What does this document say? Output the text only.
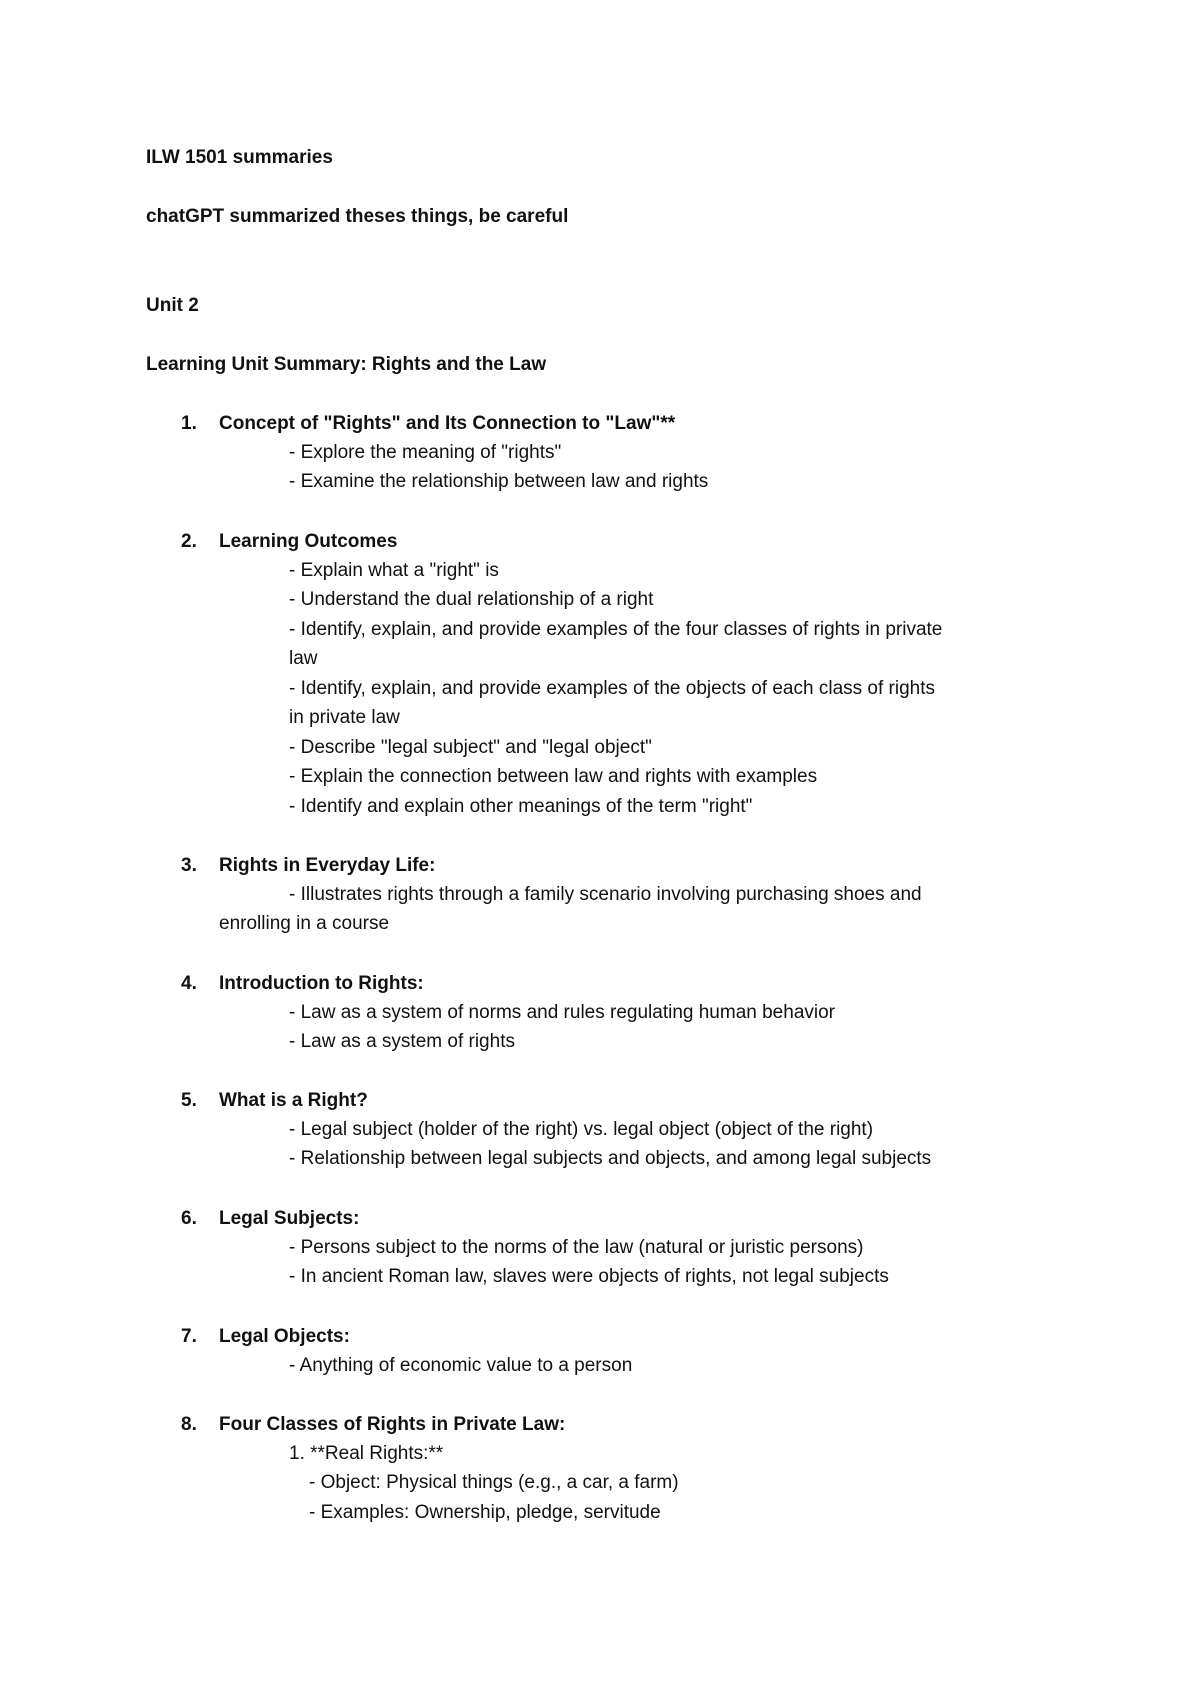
ILW 1501 summaries
chatGPT summarized theses things, be careful
Unit 2
Learning Unit Summary: Rights and the Law
1. Concept of "Rights" and Its Connection to "Law"**
- Explore the meaning of "rights"
- Examine the relationship between law and rights
2. Learning Outcomes
- Explain what a "right" is
- Understand the dual relationship of a right
- Identify, explain, and provide examples of the four classes of rights in private
law
- Identify, explain, and provide examples of the objects of each class of rights
in private law
- Describe "legal subject" and "legal object"
- Explain the connection between law and rights with examples
- Identify and explain other meanings of the term "right"
3. Rights in Everyday Life:
- Illustrates rights through a family scenario involving purchasing shoes and
enrolling in a course
4. Introduction to Rights:
- Law as a system of norms and rules regulating human behavior
- Law as a system of rights
5. What is a Right?
- Legal subject (holder of the right) vs. legal object (object of the right)
- Relationship between legal subjects and objects, and among legal subjects
6. Legal Subjects:
- Persons subject to the norms of the law (natural or juristic persons)
- In ancient Roman law, slaves were objects of rights, not legal subjects
7. Legal Objects:
- Anything of economic value to a person
8. Four Classes of Rights in Private Law:
1. **Real Rights:**
- Object: Physical things (e.g., a car, a farm)
- Examples: Ownership, pledge, servitude
